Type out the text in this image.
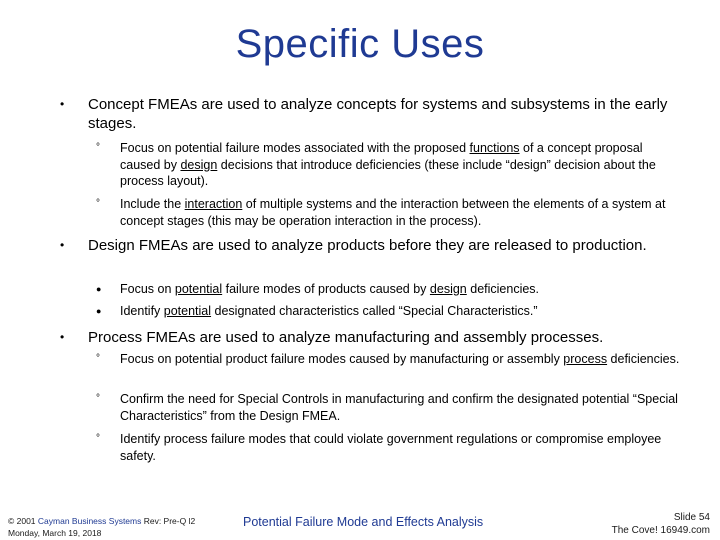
Specific Uses
• Concept FMEAs are used to analyze concepts for systems and subsystems in the early stages.
° Focus on potential failure modes associated with the proposed functions of a concept proposal caused by design decisions that introduce deficiencies (these include “design” decision about the process layout).
° Include the interaction of multiple systems and the interaction between the elements of a system at concept stages (this may be operation interaction in the process).
• Design FMEAs are used to analyze products before they are released to production.
● Focus on potential failure modes of products caused by design deficiencies.
● Identify potential designated characteristics called “Special Characteristics.”
• Process FMEAs are used to analyze manufacturing and assembly processes.
° Focus on potential product failure modes caused by manufacturing or assembly process deficiencies.
° Confirm the need for Special Controls in manufacturing and confirm the designated potential “Special Characteristics” from the Design FMEA.
° Identify process failure modes that could violate government regulations or compromise employee safety.
© 2001 Cayman Business Systems Rev: Pre-Q l2
Monday, March 19, 2018
Potential Failure Mode and Effects Analysis	Slide 54
The Cove! 16949.com
